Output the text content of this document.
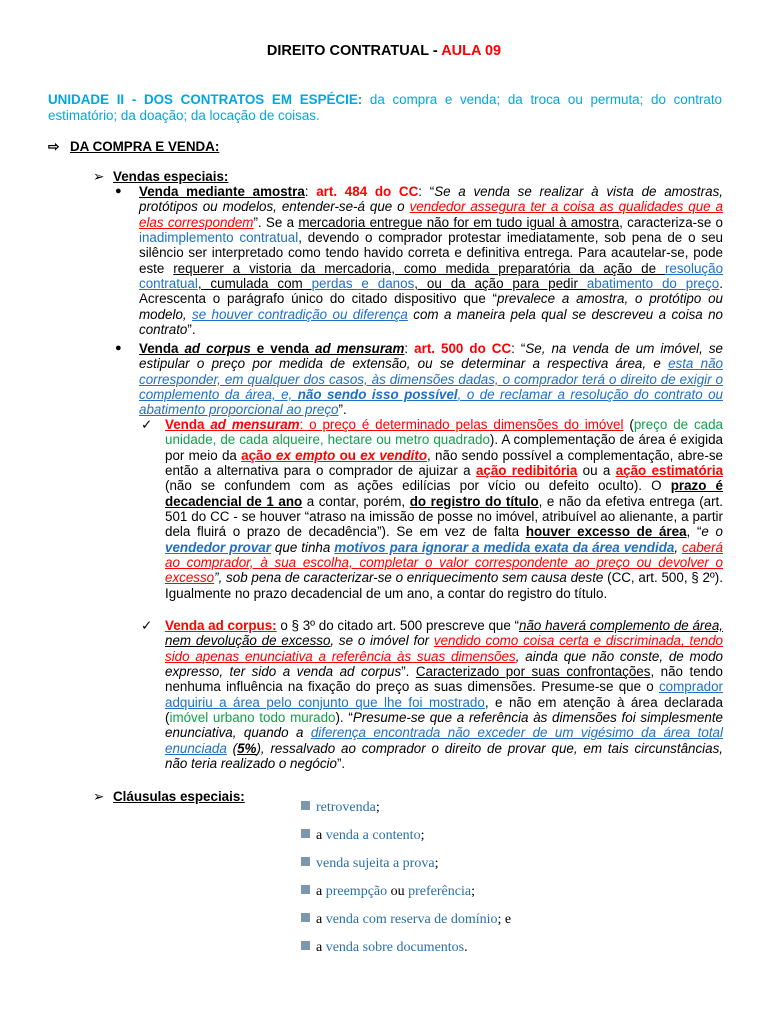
DIREITO CONTRATUAL - AULA 09
UNIDADE II - DOS CONTRATOS EM ESPÉCIE: da compra e venda; da troca ou permuta; do contrato estimatório; da doação; da locação de coisas.
⇨ DA COMPRA E VENDA:
➢ Vendas especiais:
● Venda mediante amostra: art. 484 do CC: “Se a venda se realizar à vista de amostras, protótipos ou modelos, entender-se-á que o vendedor assegura ter a coisa as qualidades que a elas correspondem”. Se a mercadoria entregue não for em tudo igual à amostra, caracteriza-se o inadimplemento contratual, devendo o comprador protestar imediatamente, sob pena de o seu silêncio ser interpretado como tendo havido correta e definitiva entrega. Para acautelar-se, pode este requerer a vistoria da mercadoria, como medida preparatória da ação de resolução contratual, cumulada com perdas e danos, ou da ação para pedir abatimento do preço. Acrescenta o parágrafo único do citado dispositivo que “prevalece a amostra, o protótipo ou modelo, se houver contradição ou diferença com a maneira pela qual se descreveu a coisa no contrato”.
● Venda ad corpus e venda ad mensuram: art. 500 do CC: “Se, na venda de um imóvel, se estipular o preço por medida de extensão, ou se determinar a respectiva área, e esta não corresponder, em qualquer dos casos, às dimensões dadas, o comprador terá o direito de exigir o complemento da área, e, não sendo isso possível, o de reclamar a resolução do contrato ou abatimento proporcional ao preço”.
✓ Venda ad mensuram: o preço é determinado pelas dimensões do imóvel (preço de cada unidade, de cada alqueire, hectare ou metro quadrado). A complementação de área é exigida por meio da ação ex empto ou ex vendito, não sendo possível a complementação, abre-se então a alternativa para o comprador de ajuizar a ação redibitória ou a ação estimatória (não se confundem com as ações edilícias por vício ou defeito oculto). O prazo é decadencial de 1 ano a contar, porém, do registro do título, e não da efetiva entrega (art. 501 do CC - se houver “atraso na imissão de posse no imóvel, atribuível ao alienante, a partir dela fluirá o prazo de decadência”). Se em vez de falta houver excesso de área, “e o vendedor provar que tinha motivos para ignorar a medida exata da área vendida, caberá ao comprador, à sua escolha, completar o valor correspondente ao preço ou devolver o excesso”, sob pena de caracterizar-se o enriquecimento sem causa deste (CC, art. 500, § 2º). Igualmente no prazo decadencial de um ano, a contar do registro do título.
✓ Venda ad corpus: o § 3º do citado art. 500 prescreve que “não haverá complemento de área, nem devolução de excesso, se o imóvel for vendido como coisa certa e discriminada, tendo sido apenas enunciativa a referência às suas dimensões, ainda que não conste, de modo expresso, ter sido a venda ad corpus”. Caracterizado por suas confrontações, não tendo nenhuma influência na fixação do preço as suas dimensões. Presume-se que o comprador adquiriu a área pelo conjunto que lhe foi mostrado, e não em atenção à área declarada (imóvel urbano todo murado). “Presume-se que a referência às dimensões foi simplesmente enunciativa, quando a diferença encontrada não exceder de um vigésimo da área total enunciada (5%), ressalvado ao comprador o direito de provar que, em tais circunstâncias, não teria realizado o negócio”.
➢ Cláusulas especiais:
retrovenda;
a venda a contento;
venda sujeita a prova;
a preempção ou preferência;
a venda com reserva de domínio; e
a venda sobre documentos.
